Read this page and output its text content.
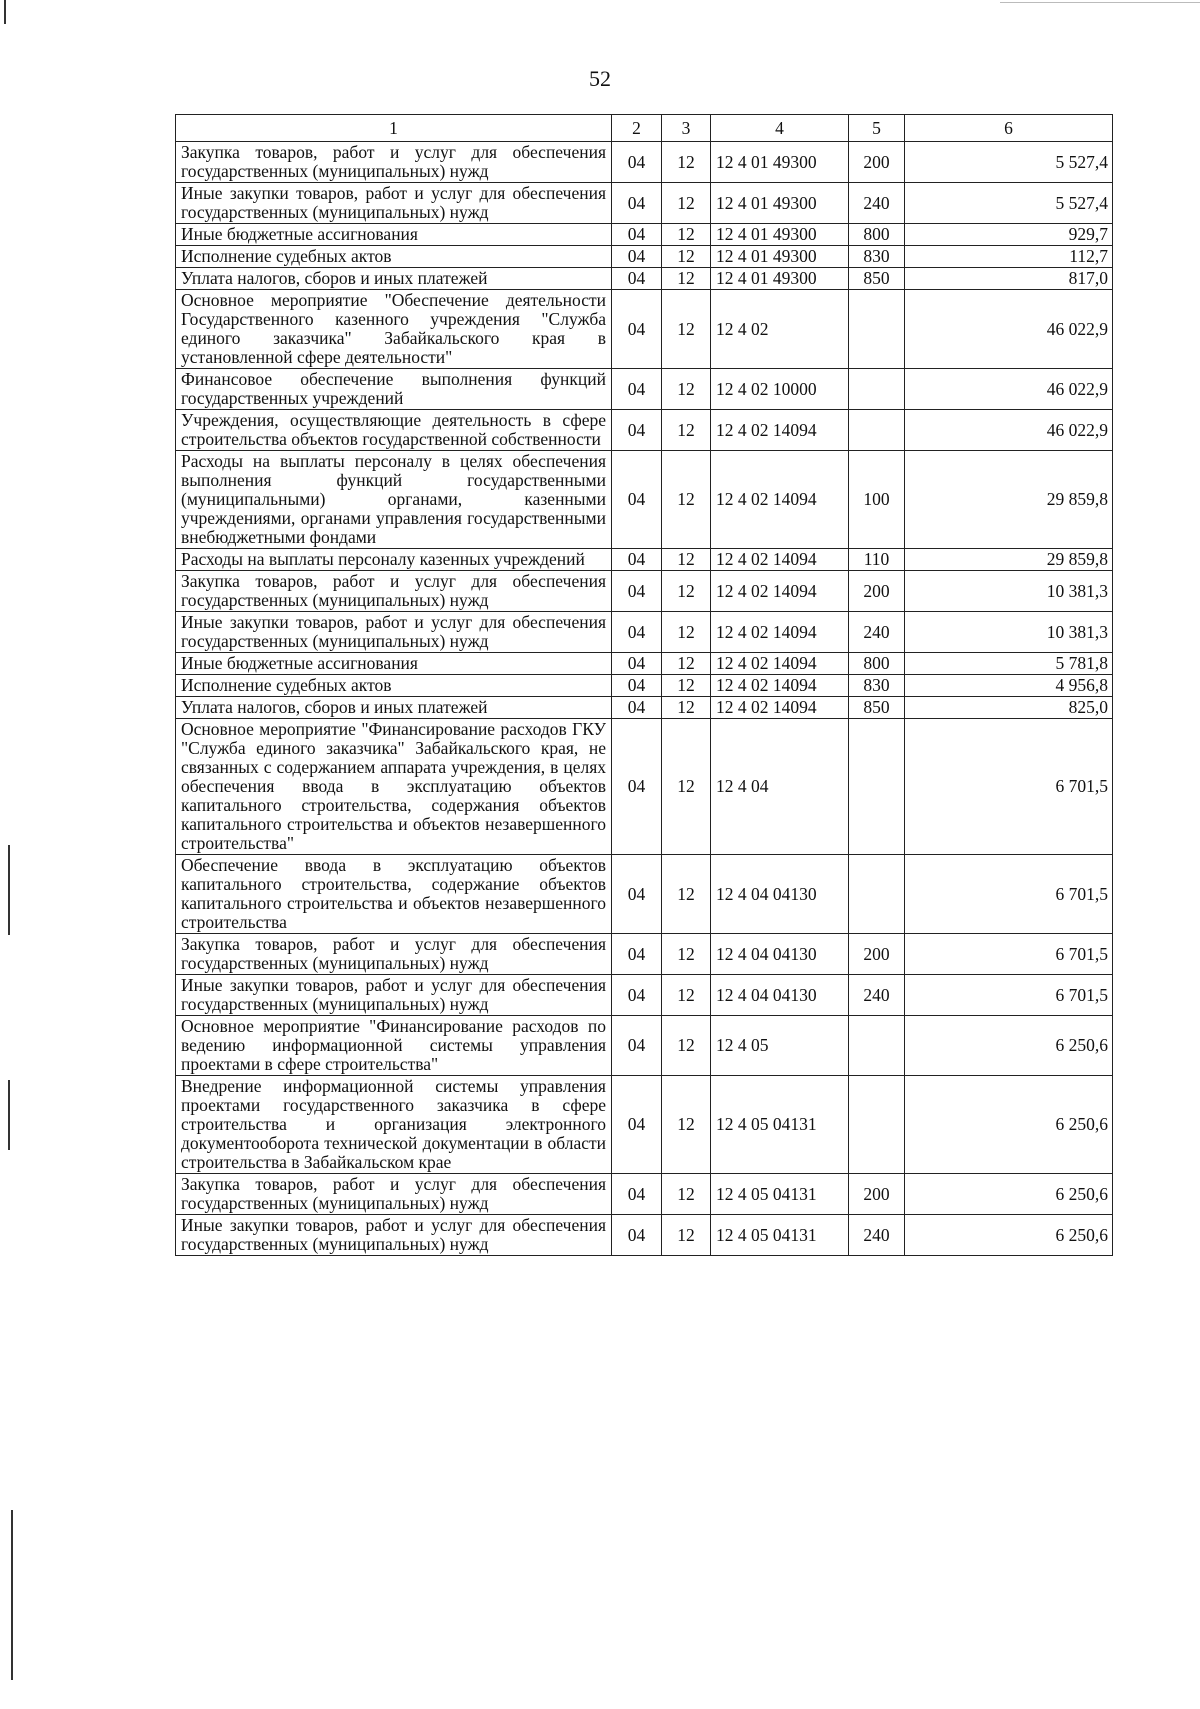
52
1	2	3	4	5	6
Закупка товаров, работ и услуг для обеспечения государственных (муниципальных) нужд	04	12	12 4 01 49300	200	5 527,4
Иные закупки товаров, работ и услуг для обеспечения государственных (муниципальных) нужд	04	12	12 4 01 49300	240	5 527,4
Иные бюджетные ассигнования	04	12	12 4 01 49300	800	929,7
Исполнение судебных актов	04	12	12 4 01 49300	830	112,7
Уплата налогов, сборов и иных платежей	04	12	12 4 01 49300	850	817,0
Основное мероприятие "Обеспечение деятельности Государственного казенного учреждения "Служба единого заказчика" Забайкальского края в установленной сфере деятельности"	04	12	12 4 02		46 022,9
Финансовое обеспечение выполнения функций государственных учреждений	04	12	12 4 02 10000		46 022,9
Учреждения, осуществляющие деятельность в сфере строительства объектов государственной собственности	04	12	12 4 02 14094		46 022,9
Расходы на выплаты персоналу в целях обеспечения выполнения функций государственными (муниципальными) органами, казенными учреждениями, органами управления государственными внебюджетными фондами	04	12	12 4 02 14094	100	29 859,8
Расходы на выплаты персоналу казенных учреждений	04	12	12 4 02 14094	110	29 859,8
Закупка товаров, работ и услуг для обеспечения государственных (муниципальных) нужд	04	12	12 4 02 14094	200	10 381,3
Иные закупки товаров, работ и услуг для обеспечения государственных (муниципальных) нужд	04	12	12 4 02 14094	240	10 381,3
Иные бюджетные ассигнования	04	12	12 4 02 14094	800	5 781,8
Исполнение судебных актов	04	12	12 4 02 14094	830	4 956,8
Уплата налогов, сборов и иных платежей	04	12	12 4 02 14094	850	825,0
Основное мероприятие "Финансирование расходов ГКУ "Служба единого заказчика" Забайкальского края, не связанных с содержанием аппарата учреждения, в целях обеспечения ввода в эксплуатацию объектов капитального строительства, содержания объектов капитального строительства и объектов незавершенного строительства"	04	12	12 4 04		6 701,5
Обеспечение ввода в эксплуатацию объектов капитального строительства, содержание объектов капитального строительства и объектов незавершенного строительства	04	12	12 4 04 04130		6 701,5
Закупка товаров, работ и услуг для обеспечения государственных (муниципальных) нужд	04	12	12 4 04 04130	200	6 701,5
Иные закупки товаров, работ и услуг для обеспечения государственных (муниципальных) нужд	04	12	12 4 04 04130	240	6 701,5
Основное мероприятие "Финансирование расходов по ведению информационной системы управления проектами в сфере строительства"	04	12	12 4 05		6 250,6
Внедрение информационной системы управления проектами государственного заказчика в сфере строительства и организация электронного документооборота технической документации в области строительства в Забайкальском крае	04	12	12 4 05 04131		6 250,6
Закупка товаров, работ и услуг для обеспечения государственных (муниципальных) нужд	04	12	12 4 05 04131	200	6 250,6
Иные закупки товаров, работ и услуг для обеспечения государственных (муниципальных) нужд	04	12	12 4 05 04131	240	6 250,6
